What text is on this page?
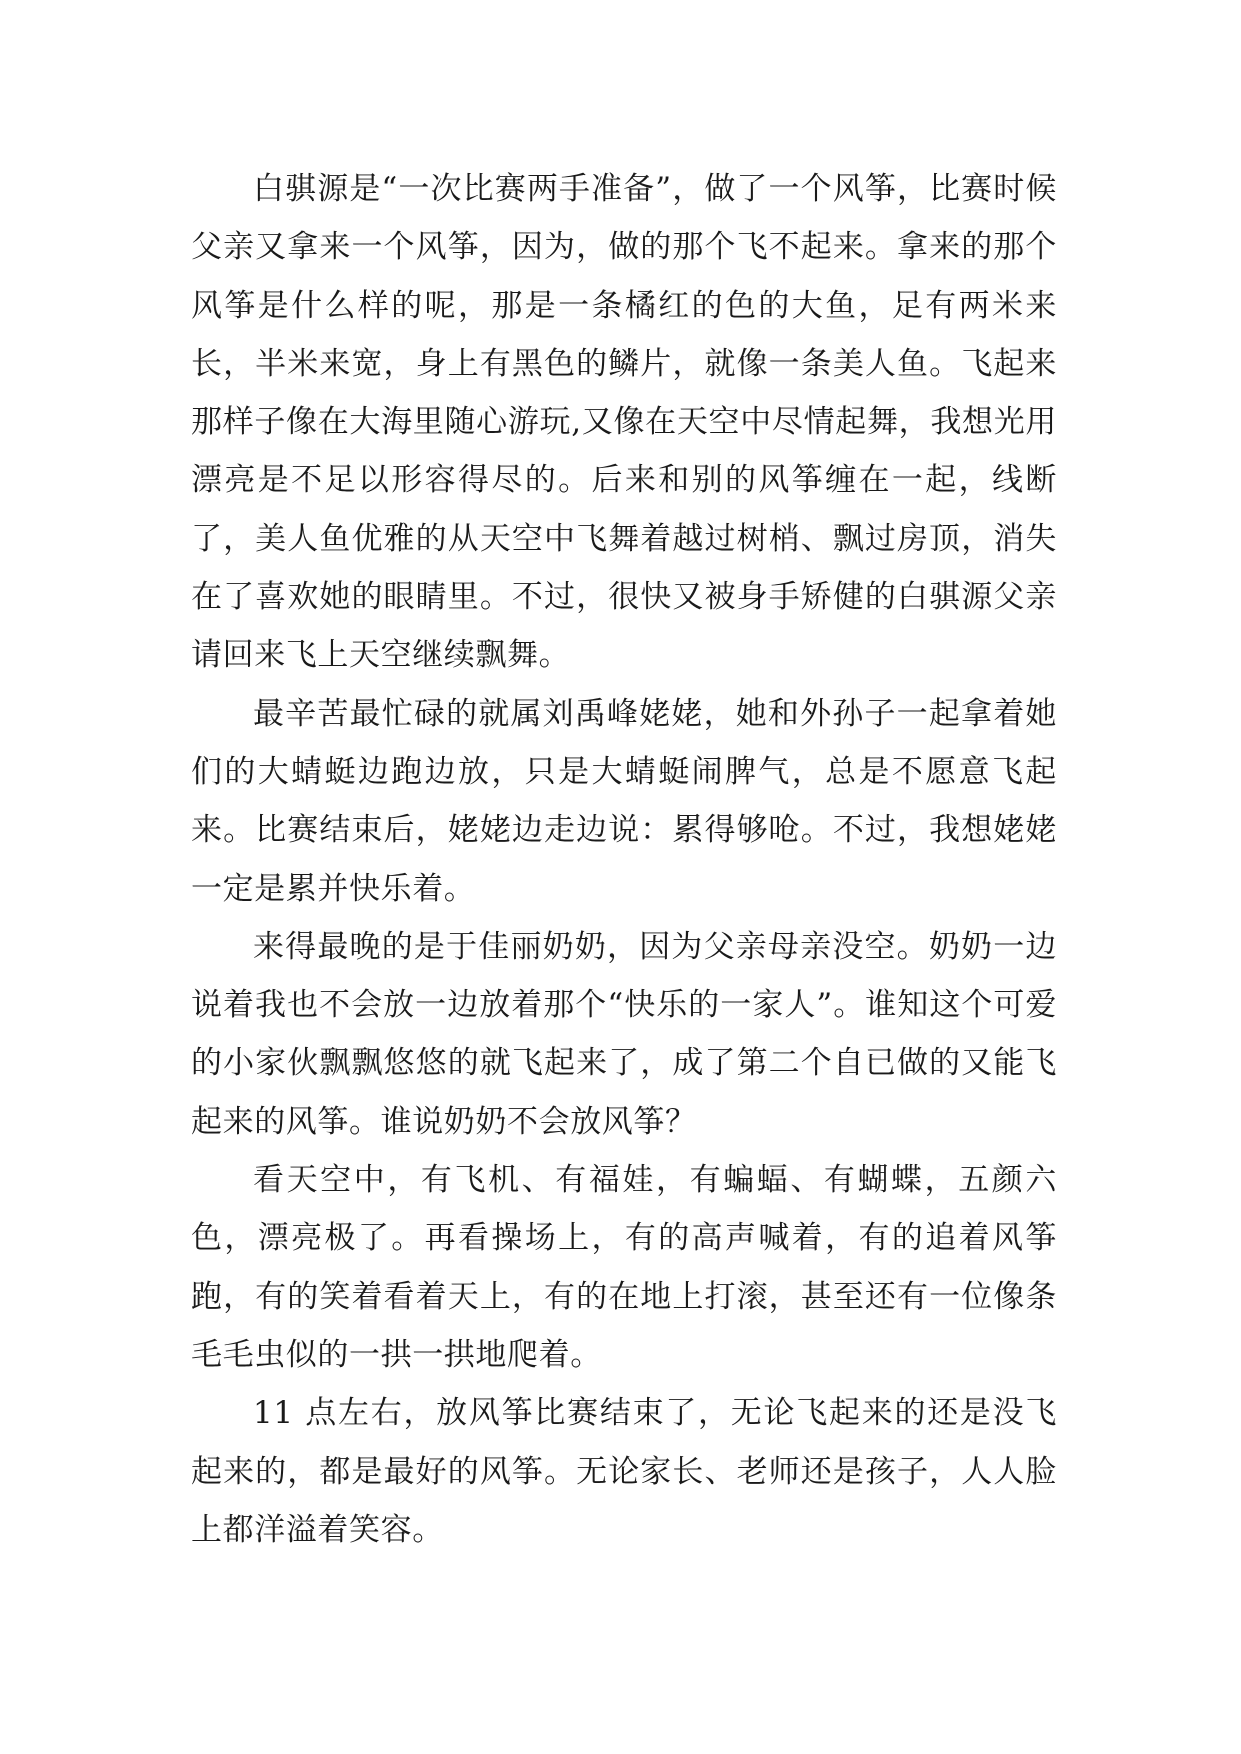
白骐源是“一次比赛两手准备”，做了一个风筝，比赛时候父亲又拿来一个风筝，因为，做的那个飞不起来。拿来的那个风筝是什么样的呢，那是一条橘红的色的大鱼，足有两米来长，半米来宽，身上有黑色的鳞片，就像一条美人鱼。飞起来那样子像在大海里随心游玩,又像在天空中尽情起舞，我想光用漂亮是不足以形容得尽的。后来和别的风筝缠在一起，线断了，美人鱼优雅的从天空中飞舞着越过树梢、飘过房顶，消失在了喜欢她的眼睛里。不过，很快又被身手矫健的白骐源父亲请回来飞上天空继续飘舞。

最辛苦最忙碌的就属刘禹峰姥姥，她和外孙子一起拿着她们的大蜻蜓边跑边放，只是大蜻蜓闹脾气，总是不愿意飞起来。比赛结束后，姥姥边走边说：累得够呛。不过，我想姥姥一定是累并快乐着。

来得最晚的是于佳丽奶奶，因为父亲母亲没空。奶奶一边说着我也不会放一边放着那个“快乐的一家人”。谁知这个可爱的小家伙飘飘悠悠的就飞起来了，成了第二个自已做的又能飞起来的风筝。谁说奶奶不会放风筝？

看天空中，有飞机、有福娃，有蝙蝠、有蝴蝶，五颜六色，漂亮极了。再看操场上，有的高声喊着，有的追着风筝跑，有的笑着看着天上，有的在地上打滚，甚至还有一位像条毛毛虫似的一拱一拱地爬着。

11 点左右，放风筝比赛结束了，无论飞起来的还是没飞起来的，都是最好的风筝。无论家长、老师还是孩子，人人脸上都洋溢着笑容。
